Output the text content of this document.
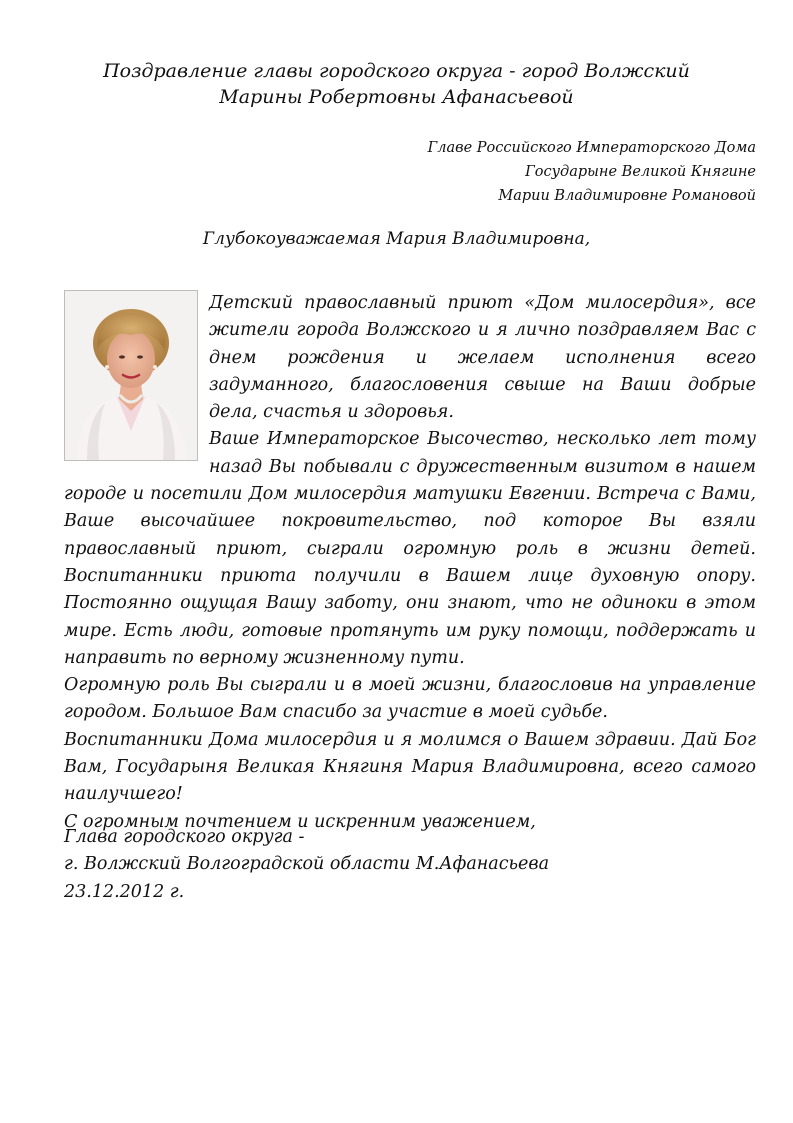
Поздравление главы городского округа - город Волжский
Марины Робертовны Афанасьевой
Главе Российского Императорского Дома
Государыне Великой Княгине
Марии Владимировне Романовой
Глубокоуважаемая Мария Владимировна,

Детский православный приют «Дом милосердия», все жители города Волжского и я лично поздравляем Вас с днем рождения и желаем исполнения всего задуманного, благословения свыше на Ваши добрые дела, счастья и здоровья.

Ваше Императорское Высочество, несколько лет тому назад Вы побывали с дружественным визитом в нашем городе и посетили Дом милосердия матушки Евгении. Встреча с Вами, Ваше высочайшее покровительство, под которое Вы взяли православный приют, сыграли огромную роль в жизни детей. Воспитанники приюта получили в Вашем лице духовную опору. Постоянно ощущая Вашу заботу, они знают, что не одиноки в этом мире. Есть люди, готовые протянуть им руку помощи, поддержать и направить по верному жизненному пути.

Огромную роль Вы сыграли и в моей жизни, благословив на управление городом. Большое Вам спасибо за участие в моей судьбе.

Воспитанники Дома милосердия и я молимся о Вашем здравии. Дай Бог Вам, Государыня Великая Княгиня Мария Владимировна, всего самого наилучшего!

С огромным почтением и искренним уважением,

Глава городского округа -
г. Волжский Волгоградской области М.Афанасьева
23.12.2012 г.
